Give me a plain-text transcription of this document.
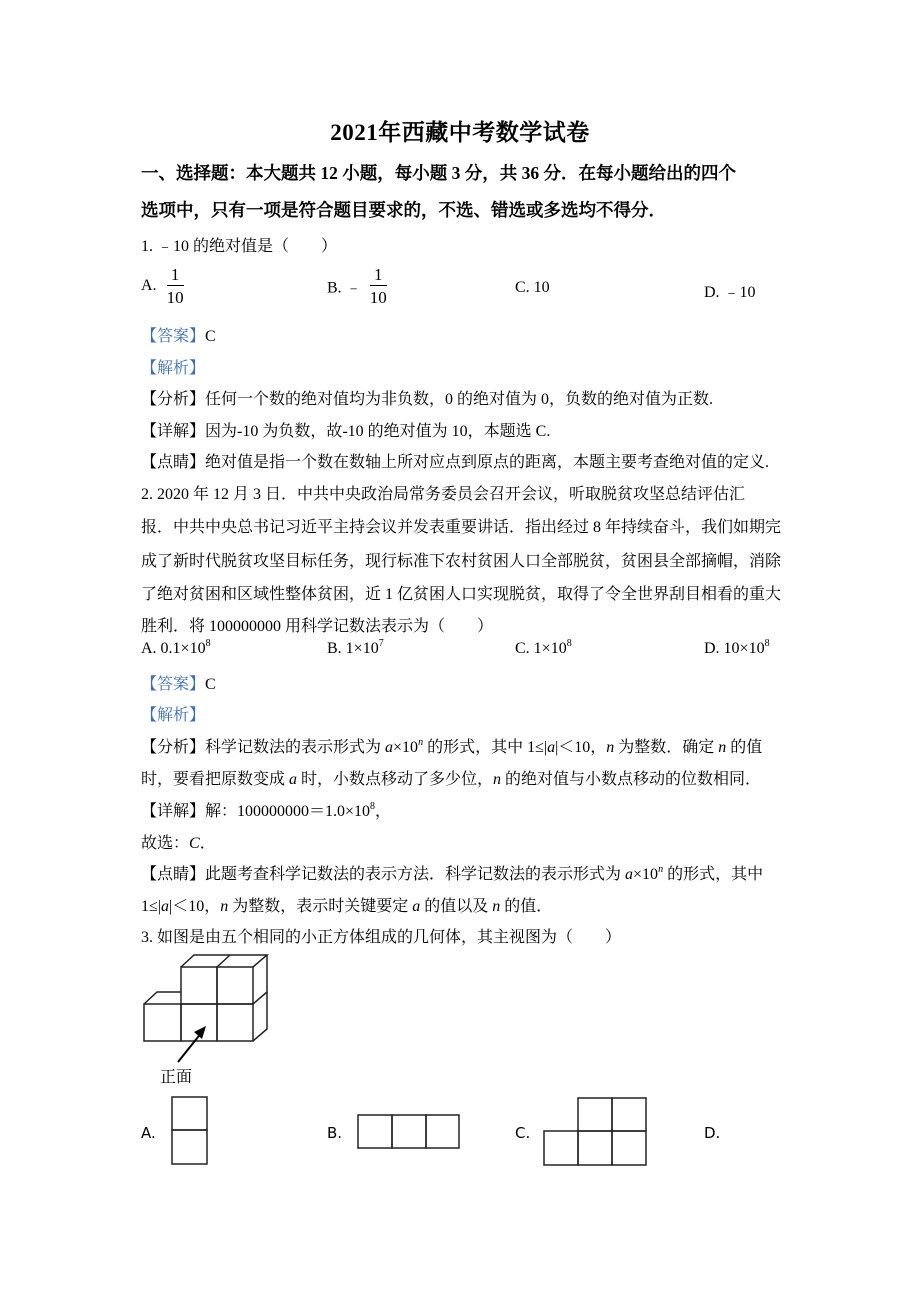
2021年西藏中考数学试卷
一、选择题：本大题共 12 小题，每小题 3 分，共 36 分．在每小题给出的四个
选项中，只有一项是符合题目要求的，不选、错选或多选均不得分．
1. ﹣10 的绝对值是（　　）
A. $\frac{1}{10}$	B. ﹣ $\frac{1}{10}$	C. 10	D. ﹣10
【答案】C
【解析】
【分析】任何一个数的绝对值均为非负数，0 的绝对值为 0，负数的绝对值为正数.
【详解】因为-10 为负数，故-10 的绝对值为 10，本题选 C.
【点睛】绝对值是指一个数在数轴上所对应点到原点的距离，本题主要考查绝对值的定义.
2. 2020 年 12 月 3 日．中共中央政治局常务委员会召开会议，听取脱贫攻坚总结评估汇
报．中共中央总书记习近平主持会议并发表重要讲话．指出经过 8 年持续奋斗，我们如期完
成了新时代脱贫攻坚目标任务，现行标准下农村贫困人口全部脱贫，贫困县全部摘帽，消除
了绝对贫困和区域性整体贫困，近 1 亿贫困人口实现脱贫，取得了令全世界刮目相看的重大
胜利．将 100000000 用科学记数法表示为（　　）
A. $0.1\times 10^8$	B. $1\times 10^7$	C. $1\times 10^8$	D. $10\times 10^8$
【答案】C
【解析】
【分析】科学记数法的表示形式为 $a\times 10^n$ 的形式，其中 1≤|a|＜10，n 为整数．确定 n 的值
时，要看把原数变成 a 时，小数点移动了多少位，n 的绝对值与小数点移动的位数相同．
【详解】解：$100000000=1.0\times 10^8$，
故选：C．
【点睛】此题考查科学记数法的表示方法．科学记数法的表示形式为 $a\times 10^n$ 的形式，其中
1≤|a|＜10，n 为整数，表示时关键要定 a 的值以及 n 的值．
3. 如图是由五个相同的小正方体组成的几何体，其主视图为（　　）
正面
A.	B.	C.	D.
